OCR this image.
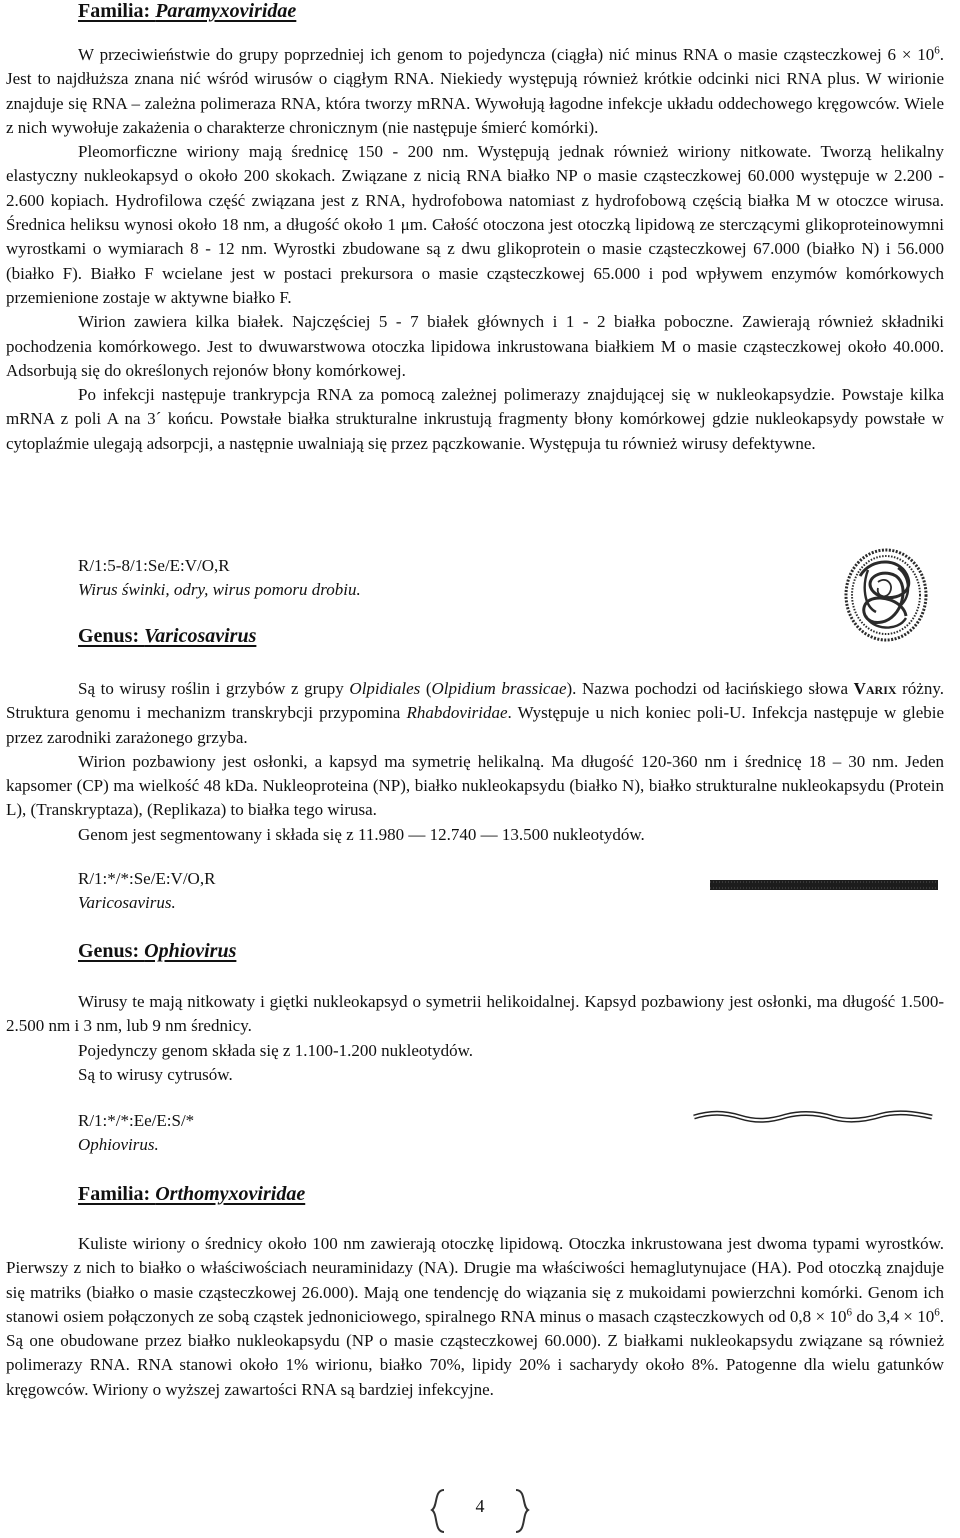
Familia: Paramyxoviridae

W przeciwieństwie do grupy poprzedniej ich genom to pojedyncza (ciągła) nić minus RNA o masie cząsteczkowej $6 \times 10^6$. Jest to najdłuższa znana nić wśród wirusów o ciągłym RNA. Niekiedy występują również krótkie odcinki nici RNA plus. W wirionie znajduje się RNA – zależna polimeraza RNA, która tworzy mRNA. Wywołują łagodne infekcje układu oddechowego kręgowców. Wiele z nich wywołuje zakażenia o charakterze chronicznym (nie następuje śmierć komórki).

Pleomorficzne wiriony mają średnicę 150 - 200 nm. Występują jednak również wiriony nitkowate. Tworzą helikalny elastyczny nukleokapsyd o około 200 skokach. Związane z nicią RNA białko NP o masie cząsteczkowej 60.000 występuje w 2.200 - 2.600 kopiach. Hydrofilowa część związana jest z RNA, hydrofobowa natomiast z hydrofobową częścią białka M w otoczce wirusa. Średnica heliksu wynosi około 18 nm, a długość około 1 μm. Całość otoczona jest otoczką lipidową ze sterczącymi glikoproteinowymni wyrostkami o wymiarach 8 - 12 nm. Wyrostki zbudowane są z dwu glikoprotein o masie cząsteczkowej 67.000 (białko N) i 56.000 (białko F). Białko F wcielane jest w postaci prekursora o masie cząsteczkowej 65.000 i pod wpływem enzymów komórkowych przemienione zostaje w aktywne białko F.

Wirion zawiera kilka białek. Najczęściej 5 - 7 białek głównych i 1 - 2 białka poboczne. Zawierają również składniki pochodzenia komórkowego. Jest to dwuwarstwowa otoczka lipidowa inkrustowana białkiem M o masie cząsteczkowej około 40.000. Adsorbują się do określonych rejonów błony komórkowej.

Po infekcji następuje trankrypcja RNA za pomocą zależnej polimerazy znajdującej się w nukleokapsydzie. Powstaje kilka mRNA z poli A na 3´ końcu. Powstałe białka strukturalne inkrustują fragmenty błony komórkowej gdzie nukleokapsydy powstałe w cytoplaźmie ulegają adsorpcji, a następnie uwalniają się przez pączkowanie. Występuja tu również wirusy defektywne.

R/1:5-8/1:Se/E:V/O,R
Wirus świnki, odry, wirus pomoru drobiu.
Genus: Varicosavirus

Są to wirusy roślin i grzybów z grupy Olpidiales (Olpidium brassicae). Nazwa pochodzi od łacińskiego słowa Varix różny. Struktura genomu i mechanizm transkrybcji przypomina Rhabdoviridae. Występuje u nich koniec poli-U. Infekcja następuje w glebie przez zarodniki zarażonego grzyba.

Wirion pozbawiony jest osłonki, a kapsyd ma symetrię helikalną. Ma długość 120-360 nm i średnicę 18 – 30 nm. Jeden kapsomer (CP) ma wielkość 48 kDa. Nukleoproteina (NP), białko nukleokapsydu (białko N), białko strukturalne nukleokapsydu (Protein L), (Transkryptaza), (Replikaza) to białka tego wirusa.

Genom jest segmentowany i składa się z 11.980 — 12.740 — 13.500 nukleotydów.

R/1:*/*:Se/E:V/O,R
Varicosavirus.
Genus: Ophiovirus

Wirusy te mają nitkowaty i giętki nukleokapsyd o symetrii helikoidalnej. Kapsyd pozbawiony jest osłonki, ma długość 1.500-2.500 nm i 3 nm, lub 9 nm średnicy.

Pojedynczy genom składa się z 1.100-1.200 nukleotydów.

Są to wirusy cytrusów.

R/1:*/*:Ee/E:S/*
Ophiovirus.
Familia: Orthomyxoviridae

Kuliste wiriony o średnicy około 100 nm zawierają otoczkę lipidową. Otoczka inkrustowana jest dwoma typami wyrostków. Pierwszy z nich to białko o właściwościach neuraminidazy (NA). Drugie ma właściwości hemaglutynujace (HA). Pod otoczką znajduje się matriks (białko o masie cząsteczkowej 26.000). Mają one tendencję do wiązania się z mukoidami powierzchni komórki. Genom ich stanowi osiem połączonych ze sobą cząstek jednoniciowego, spiralnego RNA minus o masach cząsteczkowych od $0,8 \times 10^6$ do $3,4 \times 10^6$. Są one obudowane przez białko nukleokapsydu (NP o masie cząsteczkowej 60.000). Z białkami nukleokapsydu związane są również polimerazy RNA. RNA stanowi około 1% wirionu, białko 70%, lipidy 20% i sacharydy około 8%. Patogenne dla wielu gatunków kręgowców. Wiriony o wyższej zawartości RNA są bardziej infekcyjne.

4
